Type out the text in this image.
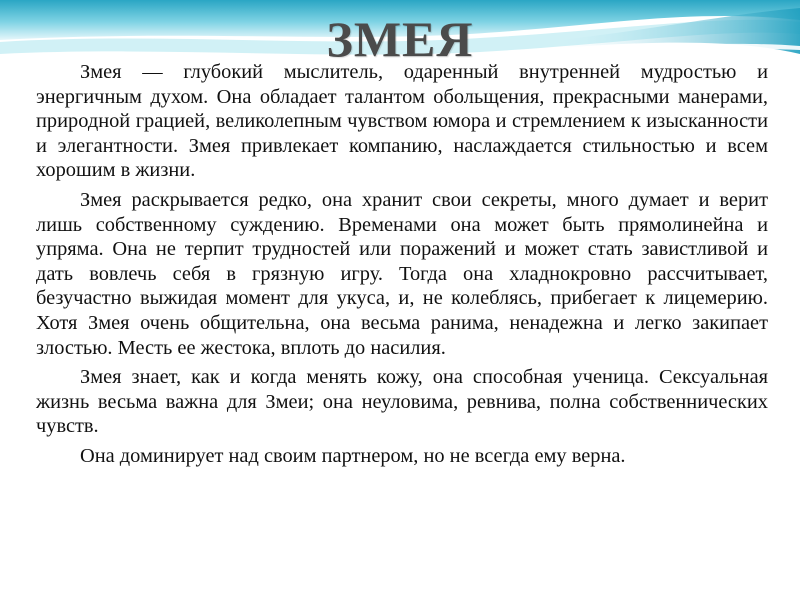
ЗМЕЯ

Змея — глубокий мыслитель, одаренный внутренней мудростью и энергичным духом. Она обладает талантом обольщения, прекрасными манерами, природной грацией, великолепным чувством юмора и стремлением к изысканности и элегантности. Змея привлекает компанию, наслаждается стильностью и всем хорошим в жизни.

Змея раскрывается редко, она хранит свои секреты, много думает и верит лишь собственному суждению. Временами она может быть прямолинейна и упряма. Она не терпит трудностей или поражений и может стать завистливой и дать вовлечь себя в грязную игру. Тогда она хладнокровно рассчитывает, безучастно выжидая момент для укуса, и, не колеблясь, прибегает к лицемерию. Хотя Змея очень общительна, она весьма ранима, ненадежна и легко закипает злостью. Месть ее жестока, вплоть до насилия.

Змея знает, как и когда менять кожу, она способная ученица. Сексуальная жизнь весьма важна для Змеи; она неуловима, ревнива, полна собственнических чувств.

Она доминирует над своим партнером, но не всегда ему верна.
